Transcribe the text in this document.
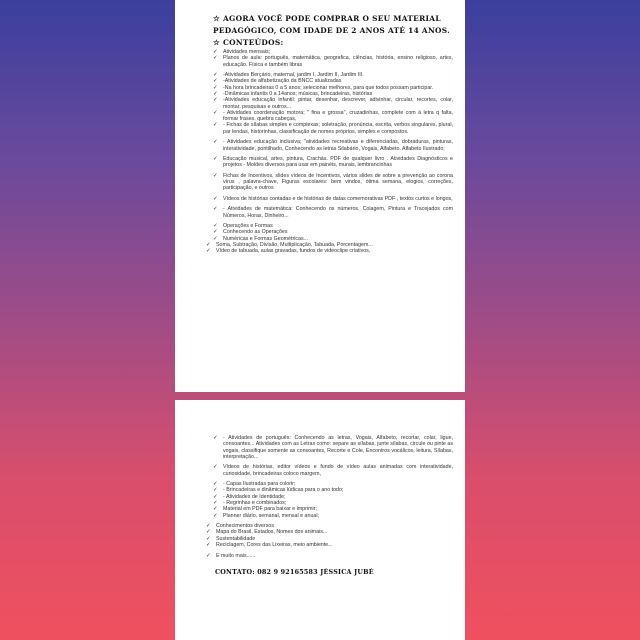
☆ AGORA VOCÊ PODE COMPRAR O SEU MATERIAL
PEDAGÓGICO, COM IDADE DE 2 ANOS ATÉ 14 ANOS.
☆ CONTEÚDOS:
✓ Atividades mensais;
✓ Planos de aula: português, matemática, geografica, ciências, história, ensino religioso, artes, educação. Física e também libras
✓ -Atividades Berçário, maternal, jardim I, Jardim II, Jardim III.
✓ -Atividades de alfabetização da BNCC atualizadas
✓ -Na hora brincadeiras 0 a 5 anos; selecionar melhores, para que todos possam participar.
✓ -Dinâmicas infantis 0 a 14anos; músicas, brincadeiras, histórias
✓ -Atividades educação infantil: pintar, desenhar, descrever, adivinhar, circular, recortes, colar, montar, pesquisas e outros...
✓ - Atividades coordenação motora; " fina e grossa", cruzadinhas, complete com á letra q falta, formar frases, quebra cabeças,
✓ - Fichas de sílabas simples e complexas; soletração, pronúncia, escrita, verbos singulares, plural, par lendas, historinhas, classificação de nomes próprios, simples e compostos.
✓ - Atividades educação inclusiva; "atividades recreativas e diferenciadas, dobraduras, pinturas, interatividade, pontilhado, Conhecendo as letras Silabário, Vogais, Alfabeto. Alfabeto Ilustrado;
✓ Educação musical, artes, pintura, Crachás. PDF de qualquer livro . Atividades Diagnósticos e projetos - Moldes diversos para usar em painéis, murais, lembrancinhas
✓ Fichas de Incentivos, slides vídeos de Incentivos, vários slides de sobre a prevenção ao corona vírus , palavra-chave, Figuras escolares: bem vindos, ótima semana, elogios, correções, participação, e outros
✓ Vídeos de histórias contadas e de histórias de datas comemorativas PDF , textos curtos e longos,
✓ - Atividades de matemática: Conhecendo os números, Colagem, Pintura e Tracejados com Números, Horas, Dinheiro...
✓ Operações e Formas
✓ Conhecendo as Operações
✓ Numéricas e Formas Geométricas...
✓ Soma, Subtração, Divisão, Multiplicação, Tabuada, Porcentagem...
✓ Vídeo de tabuada, aulas gravadas, fundos de videoclipe criativos,
✓ - Atividades de português: Conhecendo as letras, Vogais, Alfabeto, recortar, colar, ligue, consoantes... Atividades com as Letras como: separe as sílabas, junte sílabas, circule ou pinte as vogais, classifique somente as consoantes, Recorte e Cole, Encontros vocálicos, leitura, Sílabas, interpretação...
✓ Vídeos de histórias, editor vídeos e fundo de vídeo aulas animadas com interatividade, curiosidade, brincadeiras coloco margem,
✓ - Capas Ilustradas para colorir;
✓ - Brincadeiras e dinâmicas lúdicas para o ano todo;
✓ - Atividades de Identidade;
✓ - Regrinhas e combinados;
✓ Material em PDF para baixar e imprimir;
✓ Planner diário, semanal, mensal e anual;
✓ Conhecimentos diversos
✓ Mapa do Brasil, Estados, Nomes dos animais...
✓ Sustentabilidade
✓ Reciclagem, Cores das Lixeiras, meio ambiente...
✓ E muito mais......
CONTATO: 082 9 92165583 JÉSSICA JUBÉ
